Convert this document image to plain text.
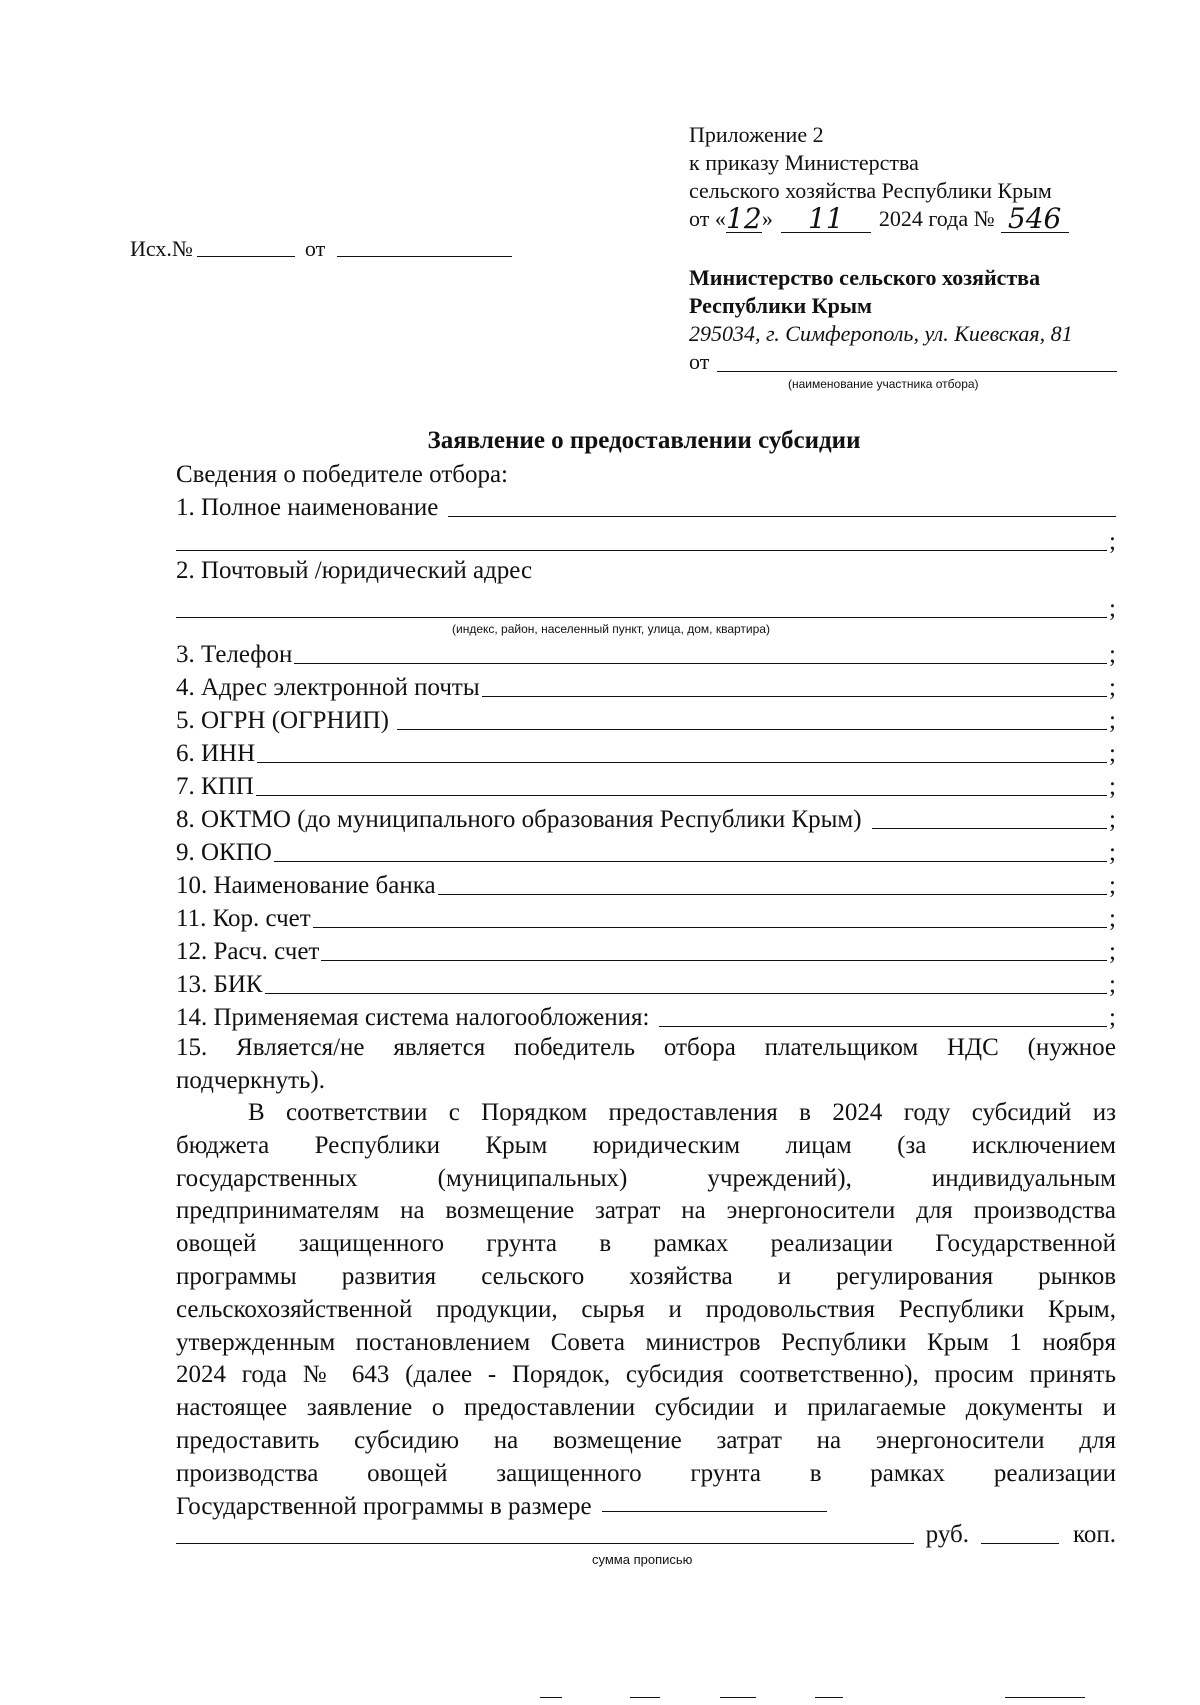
Приложение 2
к приказу Министерства
сельского хозяйства Республики Крым
от « 12 »	11	2024 года № 546
Исх.№	от
Министерство сельского хозяйства
Республики Крым
295034, г. Симферополь, ул. Киевская, 81
от
(наименование участника отбора)
Заявление о предоставлении субсидии
Сведения о победителе отбора:
1. Полное наименование
;
2. Почтовый /юридический адрес
;
(индекс, район, населенный пункт, улица, дом, квартира)
3. Телефон	;
4. Адрес электронной почты	;
5. ОГРН (ОГРНИП)	;
6. ИНН	;
7. КПП	;
8. ОКТМО (до муниципального образования Республики Крым)	;
9. ОКПО	;
10. Наименование банка	;
11. Кор. счет	;
12. Расч. счет	;
13. БИК	;
14. Применяемая система налогообложения:	;
15. Является/не является победитель отбора плательщиком НДС (нужное
подчеркнуть).
В соответствии с Порядком предоставления в 2024 году субсидий из
бюджета Республики Крым юридическим лицам (за исключением
государственных (муниципальных) учреждений), индивидуальным
предпринимателям на возмещение затрат на энергоносители для производства
овощей защищенного грунта в рамках реализации Государственной
программы развития сельского хозяйства и регулирования рынков
сельскохозяйственной продукции, сырья и продовольствия Республики Крым,
утвержденным постановлением Совета министров Республики Крым 1 ноября
2024 года № 643 (далее - Порядок, субсидия соответственно), просим принять
настоящее заявление о предоставлении субсидии и прилагаемые документы и
предоставить субсидию на возмещение затрат на энергоносители для
производства овощей защищенного грунта в рамках реализации
Государственной программы в размере
руб.	коп.
сумма прописью
